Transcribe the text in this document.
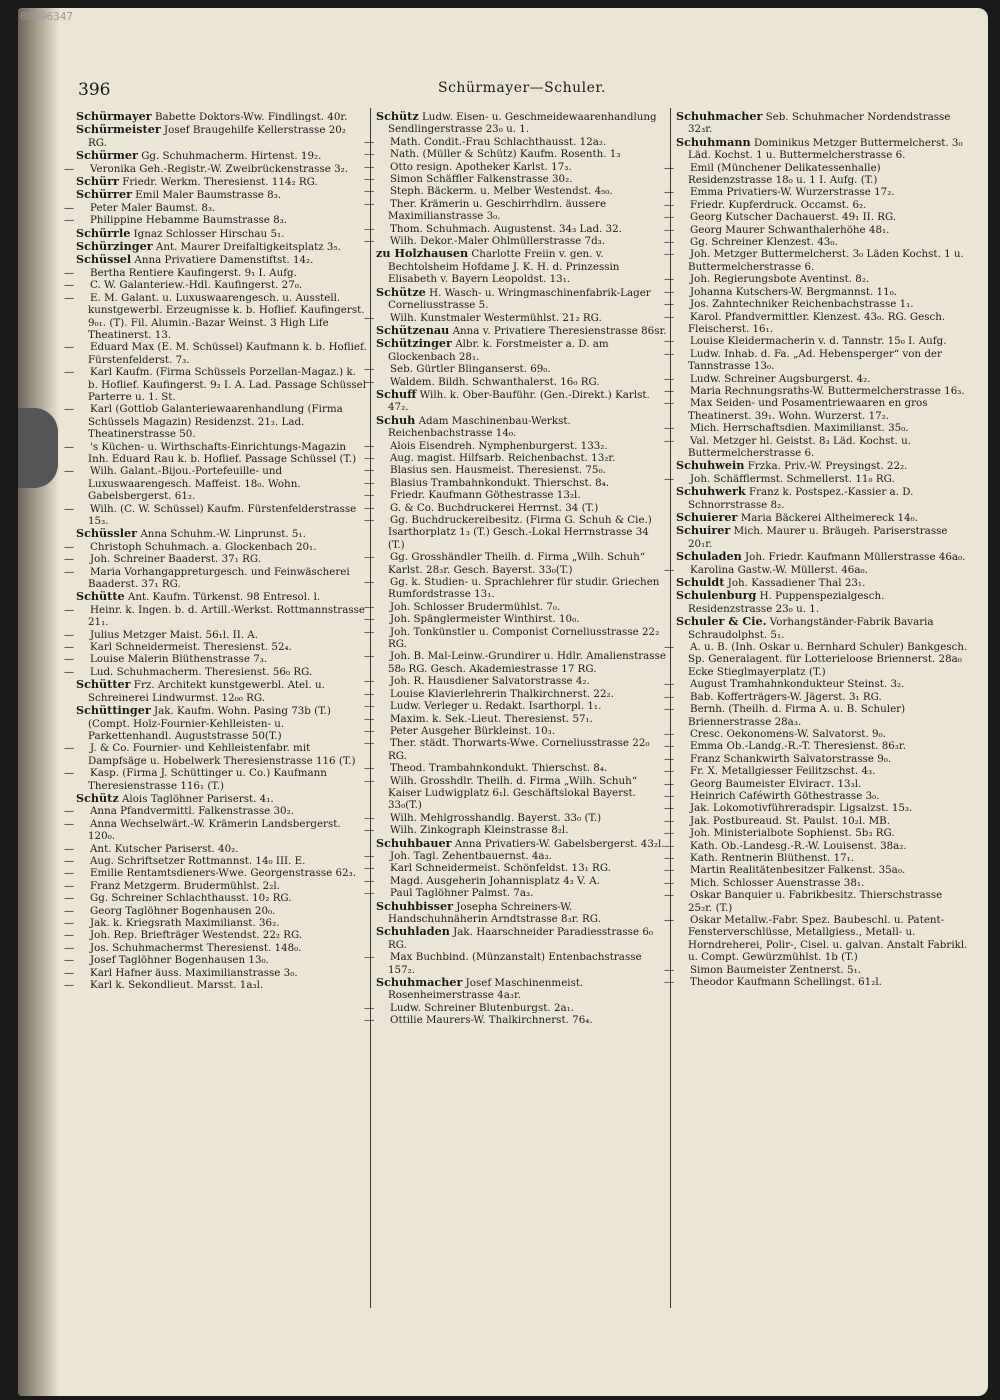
00096347
396	Schürmayer—Schuler.

Schürmayer Babette Doktors-Ww. Findlingst. 40r.

Schürmeister Josef Braugehilfe Kellerstrasse 20₂ RG.

Schürmer Gg. Schuhmacherm. Hirtenst. 19₂.

— Veronika Geh.-Registr.-W. Zweibrückenstrasse 3₂.

Schürr Friedr. Werkm. Theresienst. 114₂ RG.

Schürrer Emil Maler Baumstrasse 8₃.

— Peter Maler Baumst. 8₃.

— Philippine Hebamme Baumstrasse 8₃.

Schürrle Ignaz Schlosser Hirschau 5₁.

Schürzinger Ant. Maurer Dreifaltigkeitsplatz 3₅.

Schüssel Anna Privatiere Damenstiftst. 14₂.

— Bertha Rentiere Kaufingerst. 9₁ I. Aufg.

— C. W. Galanteriew.-Hdl. Kaufingerst. 27₀.

— E. M. Galant. u. Luxuswaarengesch. u. Ausstell. kunstgewerbl. Erzeugnisse k. b. Hoflief. Kaufingerst. 9₀₁. (T). Fil. Alumin.-Bazar Weinst. 3 High Life Theatinerst. 13.

— Eduard Max (E. M. Schüssel) Kaufmann k. b. Hoflief. Fürstenfelderst. 7₃.

— Karl Kaufm. (Firma Schüssels Porzellan-Magaz.) k. b. Hoflief. Kaufingerst. 9₂ I. A. Lad. Passage Schüssel Parterre u. 1. St.

— Karl (Gottlob Galanteriewaarenhandlung (Firma Schüssels Magazin) Residenzst. 21₂. Lad. Theatinerstrasse 50.

— 's Küchen- u. Wirthschafts-Einrichtungs-Magazin Inh. Eduard Rau k. b. Hoflief. Passage Schüssel (T.)

— Wilh. Galant.-Bijou.-Portefeuille- und Luxuswaarengesch. Maffeist. 18₀. Wohn. Gabelsbergerst. 61₂.

— Wilh. (C. W. Schüssel) Kaufm. Fürstenfelderstrasse 15₃.

Schüssler Anna Schuhm.-W. Linprunst. 5₁.

— Christoph Schuhmach. a. Glockenbach 20₁.

— Joh. Schreiner Baaderst. 37₁ RG.

— Maria Vorhangappreturgesch. und Feinwäscherei Baaderst. 37₁ RG.

Schütte Ant. Kaufm. Türkenst. 98 Entresol. l.

— Heinr. k. Ingen. b. d. Artill.-Werkst. Rottmannstrasse 21₁.

— Julius Metzger Maist. 56₁l. II. A.

— Karl Schneidermeist. Theresienst. 52₄.

— Louise Malerin Blüthenstrasse 7₃.

— Lud. Schuhmacherm. Theresienst. 56₀ RG.

Schütter Frz. Architekt kunstgewerbl. Atel. u. Schreinerei Lindwurmst. 12₀₀ RG.

Schüttinger Jak. Kaufm. Wohn. Pasing 73b (T.) (Compt. Holz-Fournier-Kehlleisten- u. Parkettenhandl. Auguststrasse 50(T.)

— J. & Co. Fournier- und Kehlleistenfabr. mit Dampfsäge u. Hobelwerk Theresienstrasse 116 (T.)

— Kasp. (Firma J. Schüttinger u. Co.) Kaufmann Theresienstrasse 116₁ (T.)

Schütz Alois Taglöhner Pariserst. 4₁.

— Anna Pfandvermittl. Falkenstrasse 30₂.

— Anna Wechselwärt.-W. Krämerin Landsbergerst. 120₀.

— Ant. Kutscher Pariserst. 40₂.

— Aug. Schriftsetzer Rottmannst. 14₀ III. E.

— Emilie Rentamtsdieners-Wwe. Georgenstrasse 62₃.

— Franz Metzgerm. Brudermühlst. 2₂l.

— Gg. Schreiner Schlachthausst. 10₂ RG.

— Georg Taglöhner Bogenhausen 20₀.

— Jak. k. Kriegsrath Maximilianst. 36₂.

— Joh. Rep. Briefträger Westendst. 22₂ RG.

— Jos. Schuhmachermst Theresienst. 148₀.

— Josef Taglöhner Bogenhausen 13₀.

— Karl Hafner äuss. Maximilianstrasse 3₀.

— Karl k. Sekondlieut. Marsst. 1a₃l.

Schütz Ludw. Eisen- u. Geschmeidewaarenhandlung Sendlingerstrasse 23₀ u. 1.

— Math. Condit.-Frau Schlachthausst. 12a₂.

— Nath. (Müller & Schütz) Kaufm. Rosenth. 1₃

— Otto resign. Apotheker Karlst. 17₃.

— Simon Schäffler Falkenstrasse 30₂.

— Steph. Bäckerm. u. Melber Westendst. 4₅₀.

— Ther. Krämerin u. Geschirrhdlrn. äussere Maximilianstrasse 3₀.

— Thom. Schuhmach. Augustenst. 34₃ Lad. 32.

— Wilh. Dekor.-Maler Ohlmüllerstrasse 7d₃.

zu Holzhausen Charlotte Freiin v. gen. v. Bechtolsheim Hofdame J. K. H. d. Prinzessin Elisabeth v. Bayern Leopoldst. 13₁.

Schütze H. Wasch- u. Wringmaschinenfabrik-Lager Corneliusstrasse 5.

— Wilh. Kunstmaler Westermühlst. 21₂ RG.

Schützenau Anna v. Privatiere Theresienstrasse 86sr.

Schützinger Albr. k. Forstmeister a. D. am Glockenbach 28₁.

— Seb. Gürtler Blinganserst. 69₀.

— Waldem. Bildh. Schwanthalerst. 16₀ RG.

Schuff Wilh. k. Ober-Bauführ. (Gen.-Direkt.) Karlst. 47₂.

Schuh Adam Maschinenbau-Werkst. Reichenbachstrasse 14₀.

— Alois Eisendreh. Nymphenburgerst. 133₂.

— Aug. magist. Hilfsarb. Reichenbachst. 13₂r.

— Blasius sen. Hausmeist. Theresienst. 75₀.

— Blasius Trambahnkondukt. Thierschst. 8₄.

— Friedr. Kaufmann Göthestrasse 13₂l.

— G. & Co. Buchdruckerei Herrnst. 34 (T.)

— Gg. Buchdruckereibesitz. (Firma G. Schuh & Cie.) Isarthorplatz 1₃ (T.) Gesch.-Lokal Herrnstrasse 34 (T.)

— Gg. Grosshändler Theilh. d. Firma „Wilh. Schuh“ Karlst. 28₃r. Gesch. Bayerst. 33₀(T.)

— Gg. k. Studien- u. Sprachlehrer für studir. Griechen Rumfordstrasse 13₁.

— Joh. Schlosser Brudermühlst. 7₀.

— Joh. Spänglermeister Winthirst. 10₀.

— Joh. Tonkünstler u. Componist Corneliusstrasse 22₂ RG.

— Joh. B. Mal-Leinw.-Grundirer u. Hdlr. Amalienstrasse 58₀ RG. Gesch. Akademiestrasse 17 RG.

— Joh. R. Hausdiener Salvatorstrasse 4₂.

— Louise Klavierlehrerin Thalkirchnerst. 22₂.

— Ludw. Verleger u. Redakt. Isarthorpl. 1₁.

— Maxim. k. Sek.-Lieut. Theresienst. 57₁.

— Peter Ausgeher Bürkleinst. 10₃.

— Ther. städt. Thorwarts-Wwe. Corneliusstrasse 22₀ RG.

— Theod. Trambahnkondukt. Thierschst. 8₄.

— Wilh. Grosshdlr. Theilh. d. Firma „Wilh. Schuh“ Kaiser Ludwigplatz 6₁l. Geschäftslokal Bayerst. 33₀(T.)

— Wilh. Mehlgrosshandlg. Bayerst. 33₀ (T.)

— Wilh. Zinkograph Kleinstrasse 8₂l.

Schuhbauer Anna Privatiers-W. Gabelsbergerst. 43₂l.

— Joh. Tagl. Zehentbauernst. 4a₃.

— Karl Schneidermeist. Schönfeldst. 13₁ RG.

— Magd. Ausgeherin Johannisplatz 4₃ V. A.

— Paul Taglöhner Palmst. 7a₃.

Schuhbisser Josepha Schreiners-W. Handschuhnäherin Arndtstrasse 8₃r. RG.

Schuhladen Jak. Haarschneider Paradiesstrasse 6₀ RG.

— Max Buchbind. (Münzanstalt) Entenbachstrasse 157₂.

Schuhmacher Josef Maschinenmeist. Rosenheimerstrasse 4a₃r.

— Ludw. Schreiner Blutenburgst. 2a₁.

— Ottilie Maurers-W. Thalkirchnerst. 76₄.

Schuhmacher Seb. Schuhmacher Nordendstrasse 32₃r.

Schuhmann Dominikus Metzger Buttermelcherst. 3₀ Läd. Kochst. 1 u. Buttermelcherstrasse 6.

— Emil (Münchener Delikatessenhalle) Residenzstrasse 18₀ u. 1 I. Aufg. (T.)

— Emma Privatiers-W. Wurzerstrasse 17₂.

— Friedr. Kupferdruck. Occamst. 6₂.

— Georg Kutscher Dachauerst. 49₁ II. RG.

— Georg Maurer Schwanthalerhöhe 48₁.

— Gg. Schreiner Klenzest. 43₀.

— Joh. Metzger Buttermelcherst. 3₀ Läden Kochst. 1 u. Buttermelcherstrasse 6.

— Joh. Regierungsbote Aventinst. 8₂.

— Johanna Kutschers-W. Bergmannst. 11₀.

— Jos. Zahntechniker Reichenbachstrasse 1₁.

— Karol. Pfandvermittler. Klenzest. 43₀. RG. Gesch. Fleischerst. 16₁.

— Louise Kleidermacherin v. d. Tannstr. 15₀ I. Aufg.

— Ludw. Inhab. d. Fa. „Ad. Hebensperger“ von der Tannstrasse 13₀.

— Ludw. Schreiner Augsburgerst. 4₂.

— Maria Rechnungsraths-W. Buttermelcherstrasse 16₃.

— Max Seiden- und Posamentriewaaren en gros Theatinerst. 39₁. Wohn. Wurzerst. 17₂.

— Mich. Herrschaftsdien. Maximilianst. 35₀.

— Val. Metzger hl. Geistst. 8₃ Läd. Kochst. u. Buttermelcherstrasse 6.

Schuhwein Frzka. Priv.-W. Preysingst. 22₂.

— Joh. Schäfflermst. Schmellerst. 11₀ RG.

Schuhwerk Franz k. Postspez.-Kassier a. D. Schnorrstrasse 8₂.

Schuierer Maria Bäckerei Altheimereck 14₀.

Schuirer Mich. Maurer u. Bräugeh. Pariserstrasse 20₁r.

Schuladen Joh. Friedr. Kaufmann Müllerstrasse 46a₀.

— Karolina Gastw.-W. Müllerst. 46a₀.

Schuldt Joh. Kassadiener Thal 23₁.

Schulenburg H. Puppenspezialgesch. Residenzstrasse 23₀ u. 1.

Schuler & Cie. Vorhangständer-Fabrik Bavaria Schraudolphst. 5₁.

— A. u. B. (Inh. Oskar u. Bernhard Schuler) Bankgesch. Sp. Generalagent. für Lotterieloose Briennerst. 28a₀ Ecke Stieglmayerplatz (T.)

— August Tramhahnkondukteur Steinst. 3₂.

— Bab. Kofferträgers-W. Jägerst. 3₁ RG.

— Bernh. (Theilh. d. Firma A. u. B. Schuler) Briennerstrasse 28a₃.

— Cresc. Oekonomens-W. Salvatorst. 9₀.

— Emma Ob.-Landg.-R.-T. Theresienst. 86₃r.

— Franz Schankwirth Salvatorstrasse 9₀.

— Fr. X. Metallgiesser Feilitzschst. 4₃.

— Georg Baumeister Elviraст. 13₃l.

— Heinrich Caféwirth Göthestrasse 3₀.

— Jak. Lokomotivführeradspir. Ligsalzst. 15₃.

— Jak. Postbureaud. St. Paulst. 10₂l. MB.

— Joh. Ministerialbote Sophienst. 5b₃ RG.

— Kath. Ob.-Landesg.-R.-W. Louisenst. 38a₂.

— Kath. Rentnerin Blüthenst. 17₁.

— Martin Realitätenbesitzer Falkenst. 35a₀.

— Mich. Schlosser Auenstrasse 38₁.

— Oskar Banquier u. Fabrikbesitz. Thierschstrasse 25₂r. (T.)

— Oskar Metallw.-Fabr. Spez. Baubeschl. u. Patent-Fensterverschlüsse, Metallgiess., Metall- u. Horndreherei, Polir-, Cisel. u. galvan. Anstalt Fabrikl. u. Compt. Gewürzmühlst. 1b (T.)

— Simon Baumeister Zentnerst. 5₁.

— Theodor Kaufmann Schellingst. 61₂l.
